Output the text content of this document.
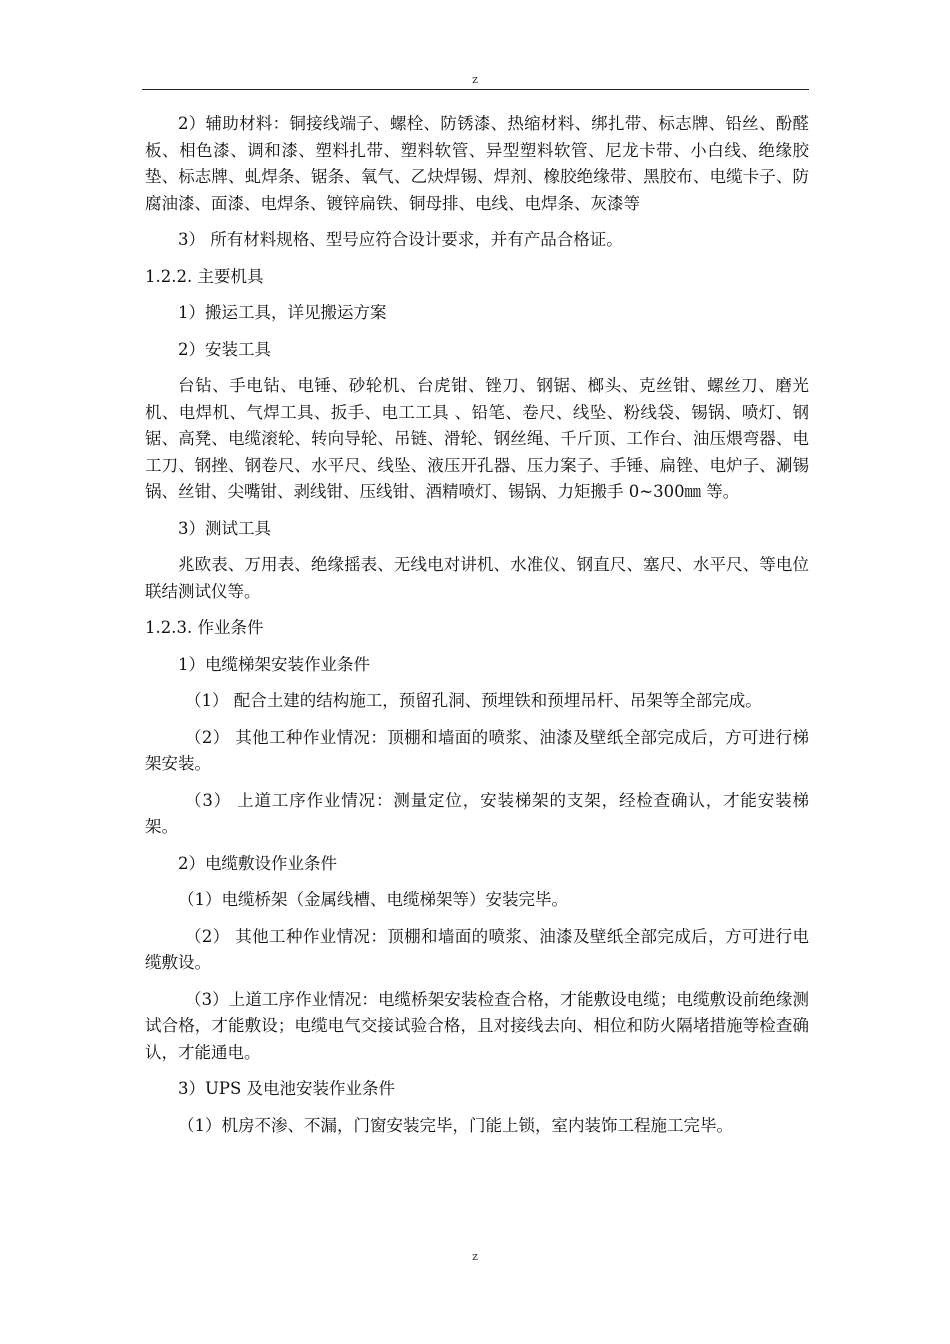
z

2）辅助材料：铜接线端子、螺栓、防锈漆、热缩材料、绑扎带、标志牌、铅丝、酚醛板、相色漆、调和漆、塑料扎带、塑料软管、异型塑料软管、尼龙卡带、小白线、绝缘胶垫、标志牌、虬焊条、锯条、氧气、乙炔焊锡、焊剂、橡胶绝缘带、黑胶布、电缆卡子、防腐油漆、面漆、电焊条、镀锌扁铁、铜母排、电线、电焊条、灰漆等

3） 所有材料规格、型号应符合设计要求，并有产品合格证。

1.2.2. 主要机具

1）搬运工具，详见搬运方案

2）安装工具

台钻、手电钻、电锤、砂轮机、台虎钳、锉刀、钢锯、榔头、克丝钳、螺丝刀、磨光机、电焊机、气焊工具、扳手、电工工具 、铅笔、卷尺、线坠、粉线袋、锡锅、喷灯、钢锯、高凳、电缆滚轮、转向导轮、吊链、滑轮、钢丝绳、千斤顶、工作台、油压煨弯器、电工刀、钢挫、钢卷尺、水平尺、线坠、液压开孔器、压力案子、手锤、扁锉、电炉子、涮锡锅、丝钳、尖嘴钳、剥线钳、压线钳、酒精喷灯、锡锅、力矩搬手 0~300㎜ 等。

3）测试工具

兆欧表、万用表、绝缘摇表、无线电对讲机、水准仪、钢直尺、塞尺、水平尺、等电位联结测试仪等。

1.2.3. 作业条件

1）电缆梯架安装作业条件

（1） 配合土建的结构施工，预留孔洞、预埋铁和预埋吊杆、吊架等全部完成。

（2） 其他工种作业情况：顶棚和墙面的喷浆、油漆及壁纸全部完成后，方可进行梯架安装。

（3） 上道工序作业情况：测量定位，安装梯架的支架，经检查确认，才能安装梯架。

2）电缆敷设作业条件

（1）电缆桥架（金属线槽、电缆梯架等）安装完毕。

（2） 其他工种作业情况：顶棚和墙面的喷浆、油漆及壁纸全部完成后，方可进行电缆敷设。

（3）上道工序作业情况：电缆桥架安装检查合格，才能敷设电缆；电缆敷设前绝缘测试合格，才能敷设；电缆电气交接试验合格，且对接线去向、相位和防火隔堵措施等检查确认，才能通电。

3）UPS 及电池安装作业条件

（1）机房不渗、不漏，门窗安装完毕，门能上锁，室内装饰工程施工完毕。

z
